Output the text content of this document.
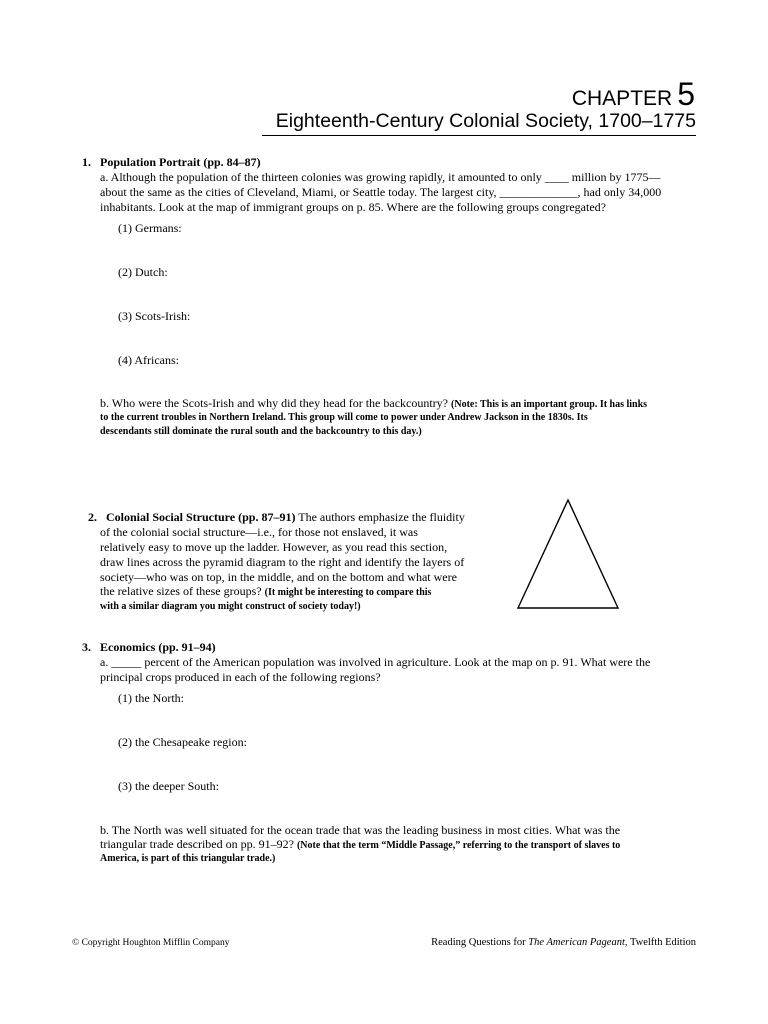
CHAPTER 5
Eighteenth-Century Colonial Society, 1700–1775
1. Population Portrait (pp. 84–87)
a. Although the population of the thirteen colonies was growing rapidly, it amounted to only ____ million by 1775—
about the same as the cities of Cleveland, Miami, or Seattle today. The largest city, _____________, had only 34,000
inhabitants. Look at the map of immigrant groups on p. 85. Where are the following groups congregated?
(1) Germans:
(2) Dutch:
(3) Scots-Irish:
(4) Africans:
b. Who were the Scots-Irish and why did they head for the backcountry? (Note: This is an important group. It has links
to the current troubles in Northern Ireland. This group will come to power under Andrew Jackson in the 1830s. Its
descendants still dominate the rural south and the backcountry to this day.)
2. Colonial Social Structure (pp. 87–91) The authors emphasize the fluidity
of the colonial social structure—i.e., for those not enslaved, it was
relatively easy to move up the ladder. However, as you read this section,
draw lines across the pyramid diagram to the right and identify the layers of
society—who was on top, in the middle, and on the bottom and what were
the relative sizes of these groups? (It might be interesting to compare this
with a similar diagram you might construct of society today!)
3. Economics (pp. 91–94)
a. _____ percent of the American population was involved in agriculture. Look at the map on p. 91. What were the
principal crops produced in each of the following regions?
(1) the North:
(2) the Chesapeake region:
(3) the deeper South:
b. The North was well situated for the ocean trade that was the leading business in most cities. What was the
triangular trade described on pp. 91–92? (Note that the term “Middle Passage,” referring to the transport of slaves to
America, is part of this triangular trade.)
© Copyright Houghton Mifflin Company	Reading Questions for The American Pageant, Twelfth Edition
